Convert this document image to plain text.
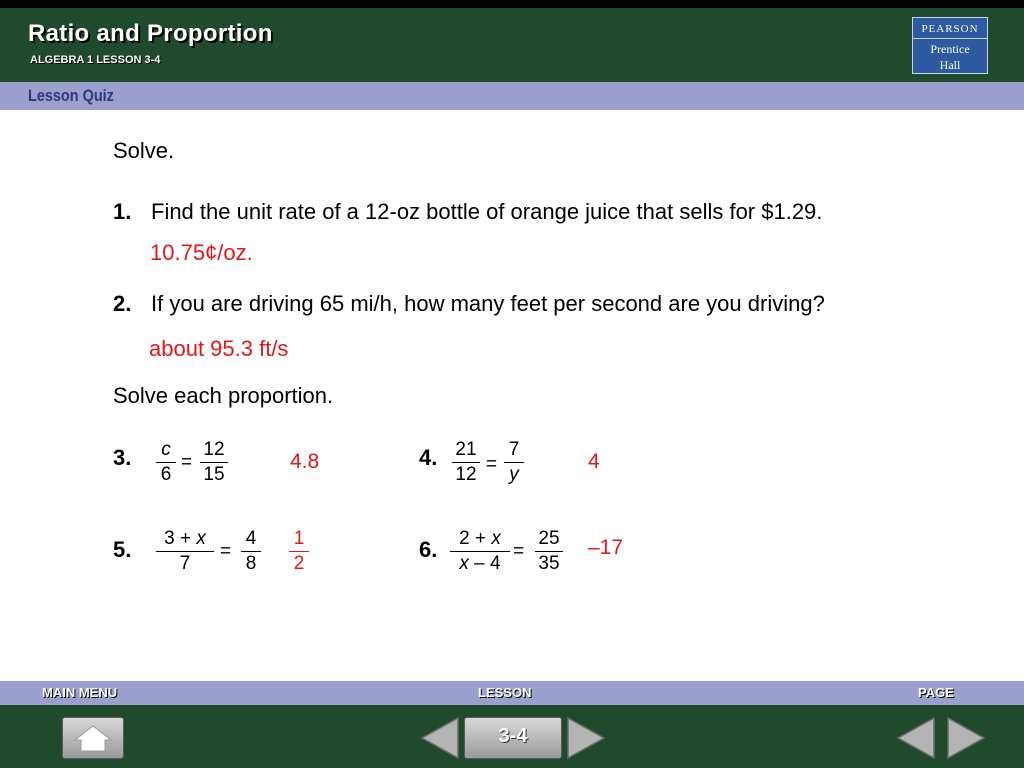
Ratio and Proportion
ALGEBRA 1 LESSON 3-4
PEARSON
Prentice
Hall
Lesson Quiz
Solve.
1. Find the unit rate of a 12-oz bottle of orange juice that sells for $1.29.
10.75¢/oz.
2. If you are driving 65 mi/h, how many feet per second are you driving?
about 95.3 ft/s
Solve each proportion.
3. $\frac{c}{6} = \frac{12}{15}$	4.8	4. $\frac{21}{12} = \frac{7}{y}$	4
5. $\frac{3 + x}{7} = \frac{4}{8} \frac{1}{2}$	6. $\frac{2 + x}{x - 4} = \frac{25}{35} -17$
MAIN MENU	LESSON	PAGE
3-4
